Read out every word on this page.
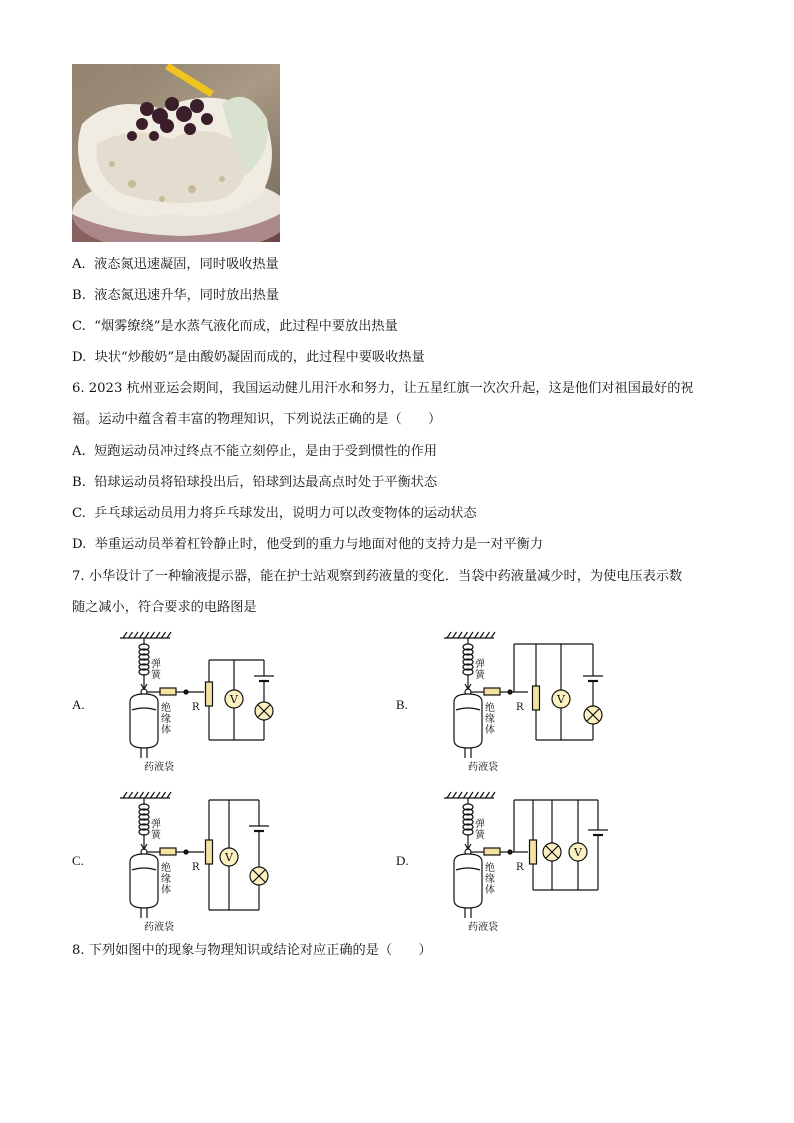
A. 液态氮迅速凝固，同时吸收热量
B. 液态氮迅速升华，同时放出热量
C. “烟雾缭绕”是水蒸气液化而成，此过程中要放出热量
D. 块状“炒酸奶”是由酸奶凝固而成的，此过程中要吸收热量
6. 2023 杭州亚运会期间，我国运动健儿用汗水和努力，让五星红旗一次次升起，这是他们对祖国最好的祝
福。运动中蕴含着丰富的物理知识，下列说法正确的是（　　）
A. 短跑运动员冲过终点不能立刻停止，是由于受到惯性的作用
B. 铅球运动员将铅球投出后，铅球到达最高点时处于平衡状态
C. 乒乓球运动员用力将乒乓球发出，说明力可以改变物体的运动状态
D. 举重运动员举着杠铃静止时，他受到的重力与地面对他的支持力是一对平衡力
7. 小华设计了一种输液提示器，能在护士站观察到药液量的变化．当袋中药液量减少时，为使电压表示数
随之减小，符合要求的电路图是
A.	B.
C.	D.
8. 下列如图中的现象与物理知识或结论对应正确的是（　　）
弹簧
绝缘体
药液袋
R
V
弹簧
绝缘体
药液袋
R
V
弹簧
绝缘体
药液袋
R
V
弹簧
绝缘体
药液袋
R
V
